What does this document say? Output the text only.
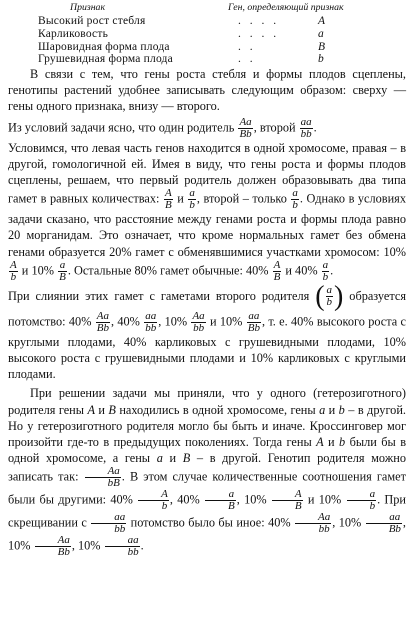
Признак	Ген, определяющий признак
Высокий рост стебля	. . . .	A
Карликовость	. . . .	a
Шаровидная форма плода	. .	B
Грушевидная форма плода	. .	b

В связи с тем, что гены роста стебля и формы плодов сцеплены, генотипы растений удобнее записывать следующим образом: сверху — гены одного признака, внизу — второго.

Из условий задачи ясно, что один родитель $\frac{Aa}{Bb}$ , второй $\frac{aa}{bb}$ .

Условимся, что левая часть генов находится в одной хромосоме, правая – в другой, гомологичной ей. Имея в виду, что гены роста и формы плодов сцеплены, решаем, что первый родитель должен образовывать два типа гамет в равных количествах: $\frac{A}{B}$ и $\frac{a}{b}$ , второй – только $\frac{a}{b}$ . Однако в условиях задачи сказано, что расстояние между генами роста и формы плода равно 20 морганидам. Это означает, что кроме нормальных гамет без обмена генами образуется 20% гамет с обменявшимися участками хромосом: 10%
$\frac{A}{b}$ и $10\% \frac{a}{B}$ . Остальные 80% гамет обычные: $40\% \frac{A}{B}$ и $40\% \frac{a}{b}$ .

При слиянии этих гамет с гаметами второго родителя ( $\frac{a}{b}$ ) образуется потомство: $40\% \frac{Aa}{Bb}$ , $40\% \frac{aa}{bb}$ , $10\% \frac{Aa}{bb}$ и $10\% \frac{aa}{Bb}$ , т. е. 40% высокого роста с круглыми плодами, 40% карликовых с грушевидными плодами, 10% высокого роста с грушевидными плодами и 10% карликовых с круглыми плодами.

При решении задачи мы приняли, что у одного (гетерозиготного) родителя гены A и B находились в одной хромосоме, гены a и b – в другой. Но у гетерозиготного родителя могло бы быть и иначе. Кроссинговер мог произойти где-то в предыдущих поколениях. Тогда гены A и b были бы в одной хромосоме, а гены a и B – в другой. Генотип родителя можно записать так: $\frac{Aa}{bB}$ . В этом случае количественные соотношения гамет были бы другими: $40\% \frac{A}{b}$ , $40\% \frac{a}{B}$ , $10\% \frac{A}{B}$ и $10\% \frac{a}{b}$ . При скрещивании с $\frac{aa}{bb}$ потомство было бы иное: $40\% \frac{Aa}{bb}$ , $10\% \frac{aa}{Bb}$ , $10\% \frac{Aa}{Bb}$ , $10\% \frac{aa}{bb}$ .
